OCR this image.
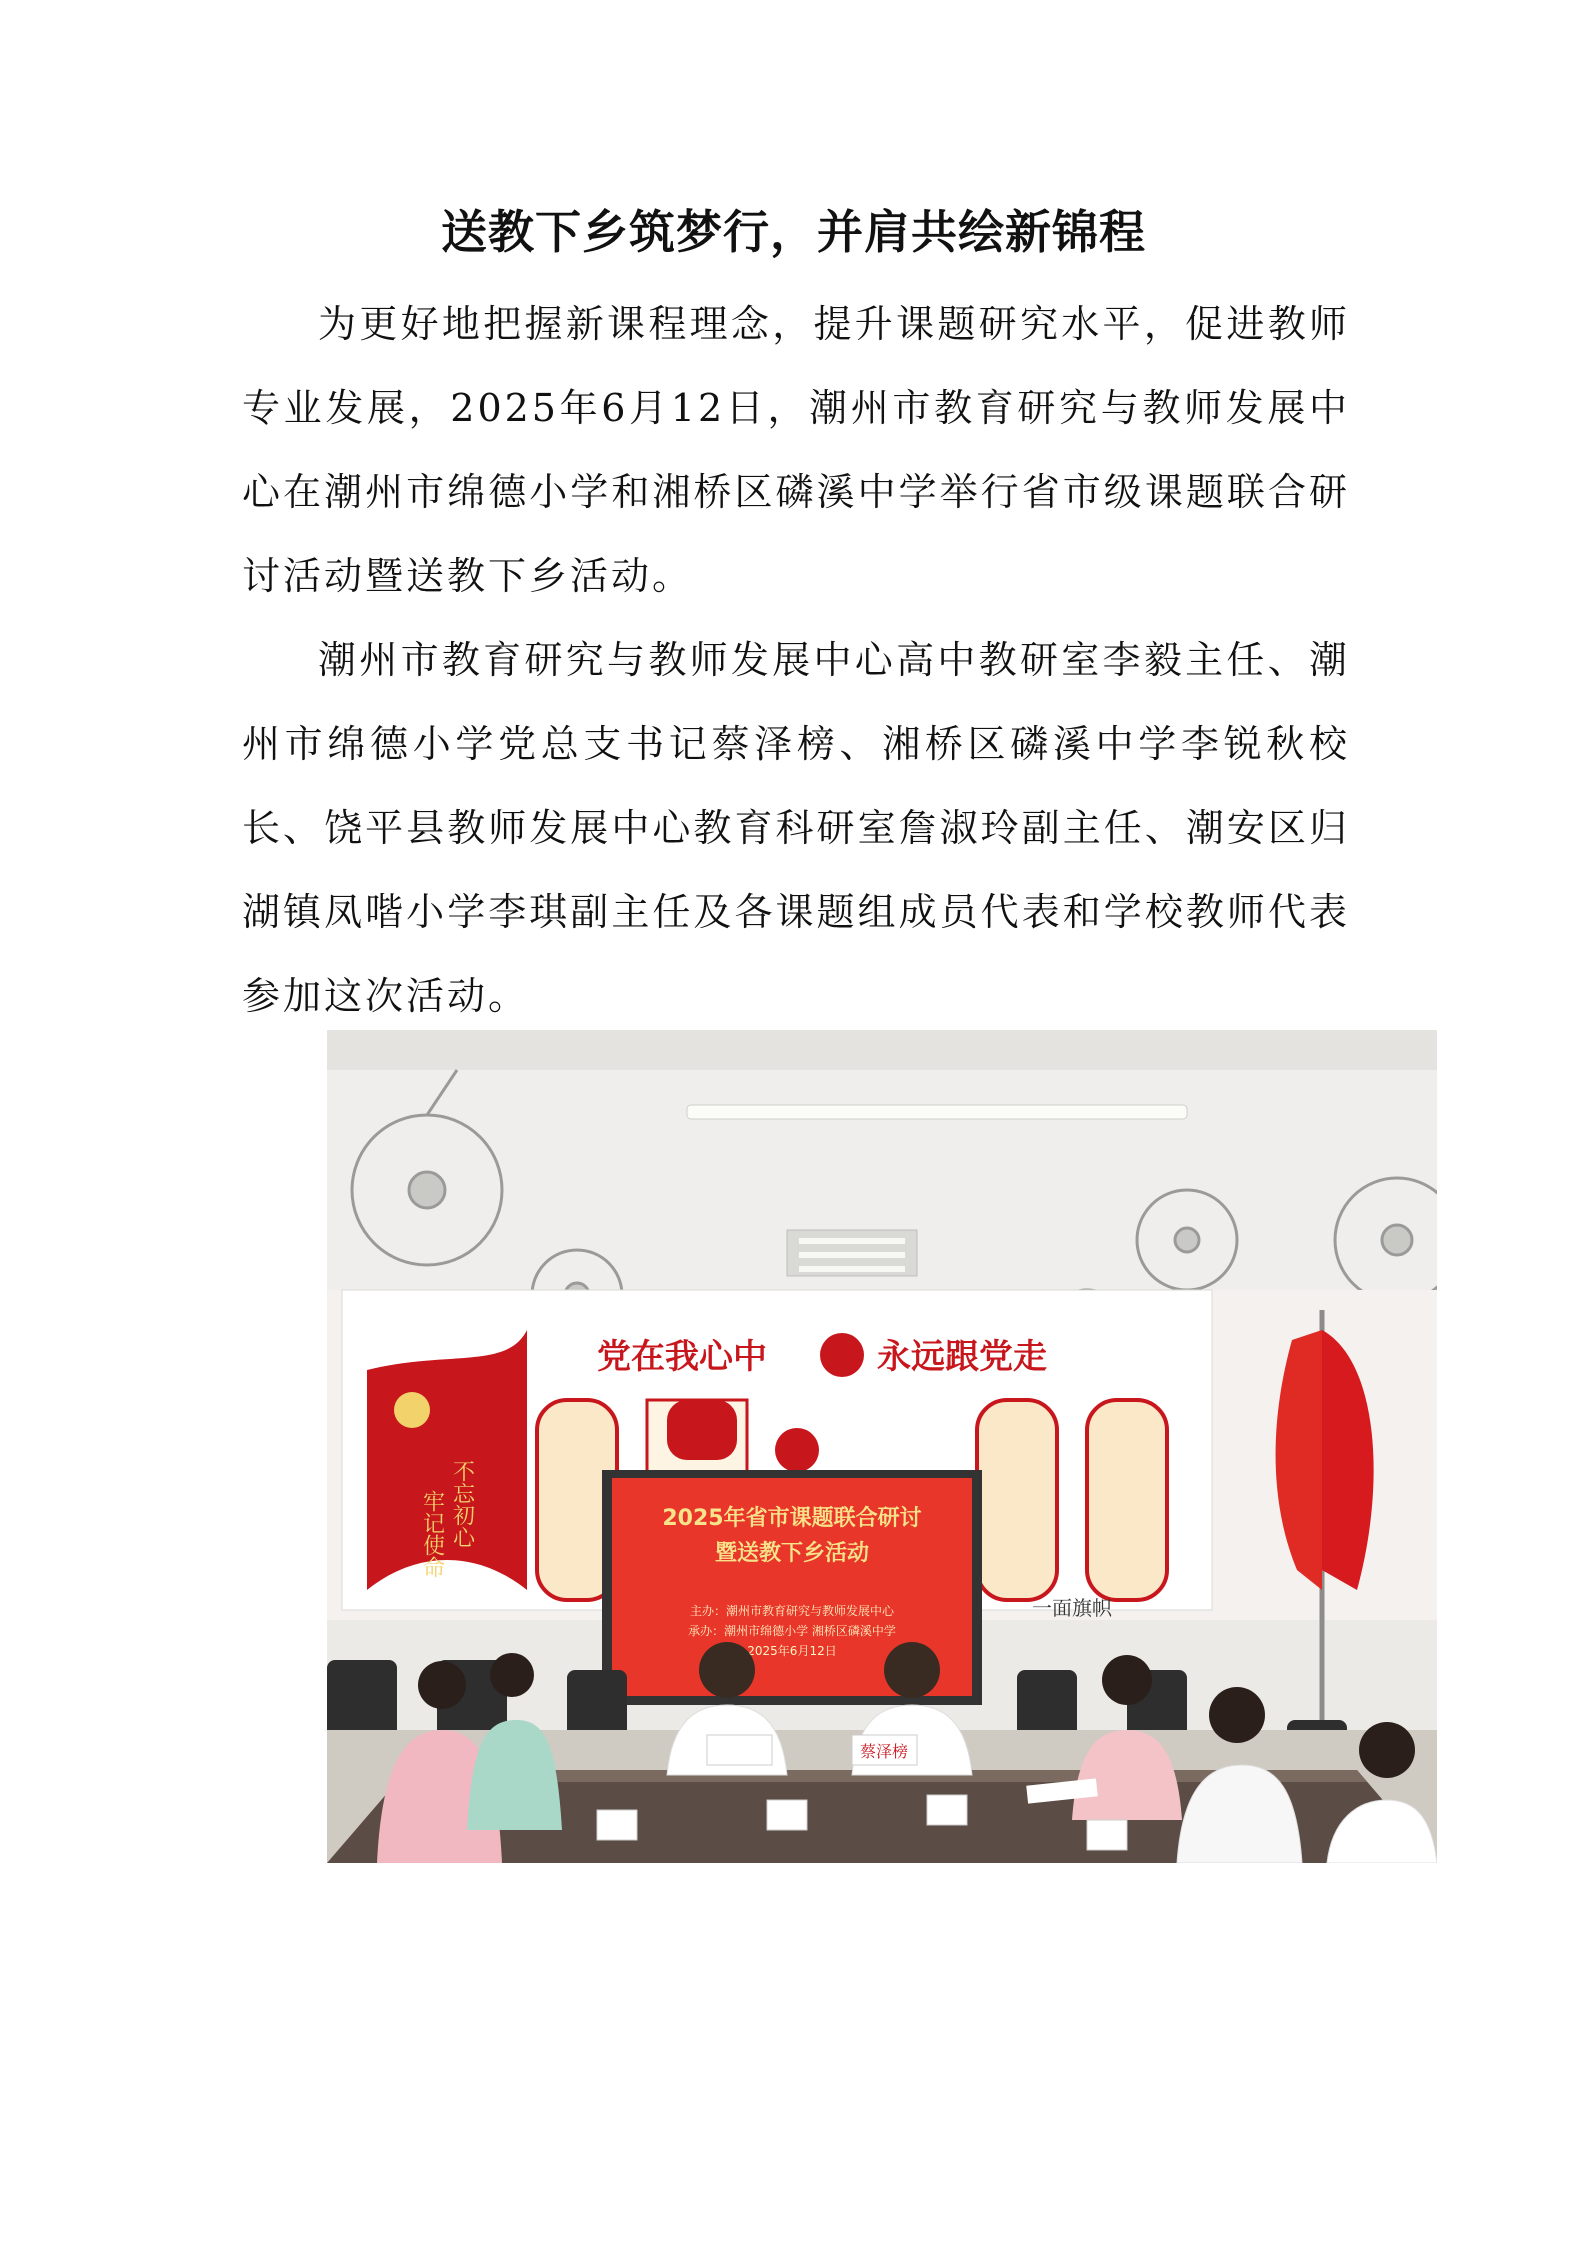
送教下乡筑梦行，并肩共绘新锦程

为更好地把握新课程理念，提升课题研究水平，促进教师专业发展，2025年6月12日，潮州市教育研究与教师发展中心在潮州市绵德小学和湘桥区磷溪中学举行省市级课题联合研讨活动暨送教下乡活动。

潮州市教育研究与教师发展中心高中教研室李毅主任、潮州市绵德小学党总支书记蔡泽榜、湘桥区磷溪中学李锐秋校长、饶平县教师发展中心教育科研室詹淑玲副主任、潮安区归湖镇凤喈小学李琪副主任及各课题组成员代表和学校教师代表参加这次活动。

党在我心中	永远跟党走
不忘初心
牢记使命
一面旗帜
2025年省市课题联合研讨
暨送教下乡活动
主办：潮州市教育研究与教师发展中心
承办：潮州市绵德小学 湘桥区磷溪中学
2025年6月12日
蔡泽榜
